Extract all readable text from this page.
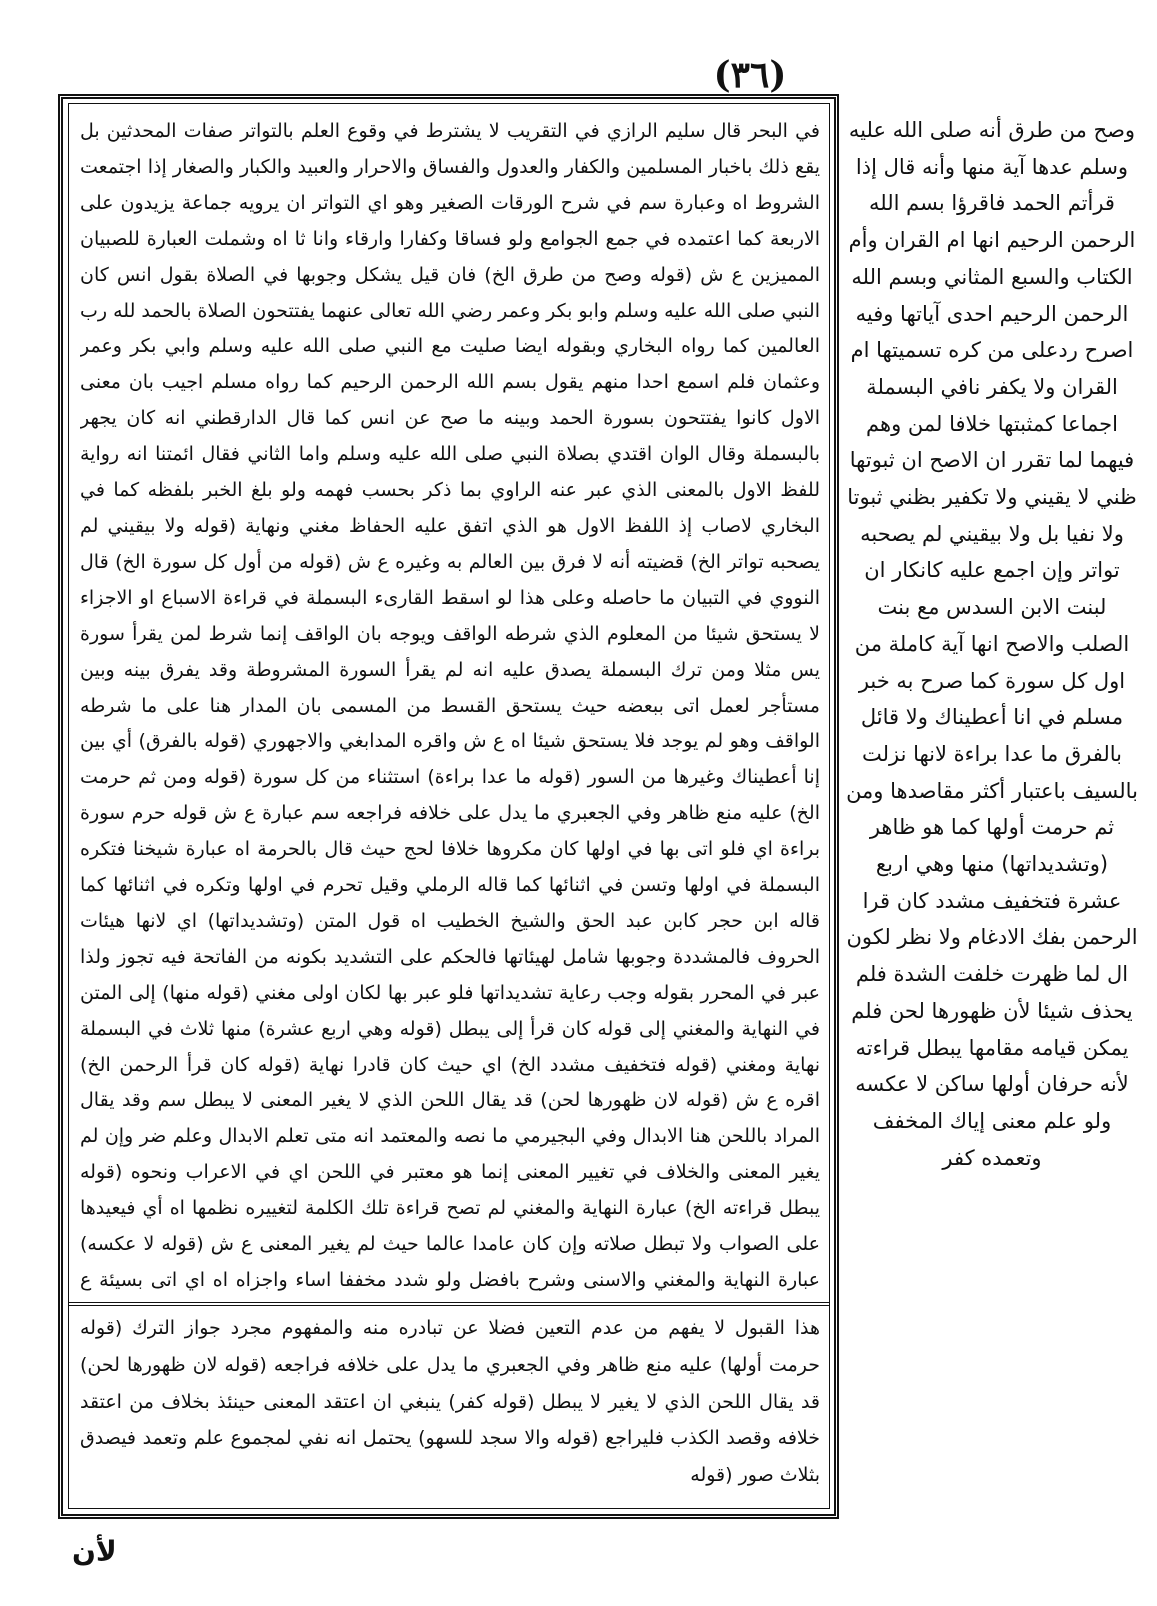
(٣٦)

في البحر قال سليم الرازي في التقريب لا يشترط في وقوع العلم بالتواتر صفات المحدثين بل يقع ذلك باخبار المسلمين والكفار والعدول والفساق والاحرار والعبيد والكبار والصغار إذا اجتمعت الشروط اه وعبارة سم في شرح الورقات الصغير وهو اي التواتر ان يرويه جماعة يزيدون على الاربعة كما اعتمده في جمع الجوامع ولو فساقا وكفارا وارقاء وانا ثا اه وشملت العبارة للصبيان المميزين ع ش (قوله وصح من طرق الخ) فان قيل يشكل وجوبها في الصلاة بقول انس كان النبي صلى الله عليه وسلم وابو بكر وعمر رضي الله تعالى عنهما يفتتحون الصلاة بالحمد لله رب العالمين كما رواه البخاري وبقوله ايضا صليت مع النبي صلى الله عليه وسلم وابي بكر وعمر وعثمان فلم اسمع احدا منهم يقول بسم الله الرحمن الرحيم كما رواه مسلم اجيب بان معنى الاول كانوا يفتتحون بسورة الحمد وبينه ما صح عن انس كما قال الدارقطني انه كان يجهر بالبسملة وقال الوان اقتدي بصلاة النبي صلى الله عليه وسلم واما الثاني فقال ائمتنا انه رواية للفظ الاول بالمعنى الذي عبر عنه الراوي بما ذكر بحسب فهمه ولو بلغ الخبر بلفظه كما في البخاري لاصاب إذ اللفظ الاول هو الذي اتفق عليه الحفاظ مغني ونهاية (قوله ولا بيقيني لم يصحبه تواتر الخ) قضيته أنه لا فرق بين العالم به وغيره ع ش (قوله من أول كل سورة الخ) قال النووي في التبيان ما حاصله وعلى هذا لو اسقط القارىء البسملة في قراءة الاسباع او الاجزاء لا يستحق شيئا من المعلوم الذي شرطه الواقف ويوجه بان الواقف إنما شرط لمن يقرأ سورة يس مثلا ومن ترك البسملة يصدق عليه انه لم يقرأ السورة المشروطة وقد يفرق بينه وبين مستأجر لعمل اتى ببعضه حيث يستحق القسط من المسمى بان المدار هنا على ما شرطه الواقف وهو لم يوجد فلا يستحق شيئا اه ع ش واقره المدابغي والاجهوري (قوله بالفرق) أي بين إنا أعطيناك وغيرها من السور (قوله ما عدا براءة) استثناء من كل سورة (قوله ومن ثم حرمت الخ) عليه منع ظاهر وفي الجعبري ما يدل على خلافه فراجعه سم عبارة ع ش قوله حرم سورة براءة اي فلو اتى بها في اولها كان مكروها خلافا لحج حيث قال بالحرمة اه عبارة شيخنا فتكره البسملة في اولها وتسن في اثنائها كما قاله الرملي وقيل تحرم في اولها وتكره في اثنائها كما قاله ابن حجر كابن عبد الحق والشيخ الخطيب اه قول المتن (وتشديداتها) اي لانها هيئات الحروف فالمشددة وجوبها شامل لهيئاتها فالحكم على التشديد بكونه من الفاتحة فيه تجوز ولذا عبر في المحرر بقوله وجب رعاية تشديداتها فلو عبر بها لكان اولى مغني (قوله منها) إلى المتن في النهاية والمغني إلى قوله كان قرأ إلى يبطل (قوله وهي اربع عشرة) منها ثلاث في البسملة نهاية ومغني (قوله فتخفيف مشدد الخ) اي حيث كان قادرا نهاية (قوله كان قرأ الرحمن الخ) اقره ع ش (قوله لان ظهورها لحن) قد يقال اللحن الذي لا يغير المعنى لا يبطل سم وقد يقال المراد باللحن هنا الابدال وفي البجيرمي ما نصه والمعتمد انه متى تعلم الابدال وعلم ضر وإن لم يغير المعنى والخلاف في تغيير المعنى إنما هو معتبر في اللحن اي في الاعراب ونحوه (قوله يبطل قراءته الخ) عبارة النهاية والمغني لم تصح قراءة تلك الكلمة لتغييره نظمها اه أي فيعيدها على الصواب ولا تبطل صلاته وإن كان عامدا عالما حيث لم يغير المعنى ع ش (قوله لا عكسه) عبارة النهاية والمغني والاسنى وشرح بافضل ولو شدد مخففا اساء واجزاه اه اي اتى بسيئة ع

هذا القبول لا يفهم من عدم التعين فضلا عن تبادره منه والمفهوم مجرد جواز الترك (قوله حرمت أولها) عليه منع ظاهر وفي الجعبري ما يدل على خلافه فراجعه (قوله لان ظهورها لحن) قد يقال اللحن الذي لا يغير لا يبطل (قوله كفر) ينبغي ان اعتقد المعنى حينئذ بخلاف من اعتقد خلافه وقصد الكذب فليراجع (قوله والا سجد للسهو) يحتمل انه نفي لمجموع علم وتعمد فيصدق بثلاث صور (قوله

وصح من طرق أنه صلى الله عليه وسلم عدها آية منها وأنه قال إذا قرأتم الحمد فاقرؤا بسم الله الرحمن الرحيم انها ام القران وأم الكتاب والسبع المثاني وبسم الله الرحمن الرحيم احدى آياتها وفيه اصرح ردعلى من كره تسميتها ام القران ولا يكفر نافي البسملة اجماعا كمثبتها خلافا لمن وهم فيهما لما تقرر ان الاصح ان ثبوتها ظني لا يقيني ولا تكفير بظني ثبوتا ولا نفيا بل ولا بيقيني لم يصحبه تواتر وإن اجمع عليه كانكار ان لبنت الابن السدس مع بنت الصلب والاصح انها آية كاملة من اول كل سورة كما صرح به خبر مسلم في انا أعطيناك ولا قائل بالفرق ما عدا براءة لانها نزلت بالسيف باعتبار أكثر مقاصدها ومن ثم حرمت أولها كما هو ظاهر (وتشديداتها) منها وهي اربع عشرة فتخفيف مشدد كان قرا الرحمن بفك الادغام ولا نظر لكون ال لما ظهرت خلفت الشدة فلم يحذف شيئا لأن ظهورها لحن فلم يمكن قيامه مقامها يبطل قراءته لأنه حرفان أولها ساكن لا عكسه ولو علم معنى إياك المخفف وتعمده كفر

لأن
